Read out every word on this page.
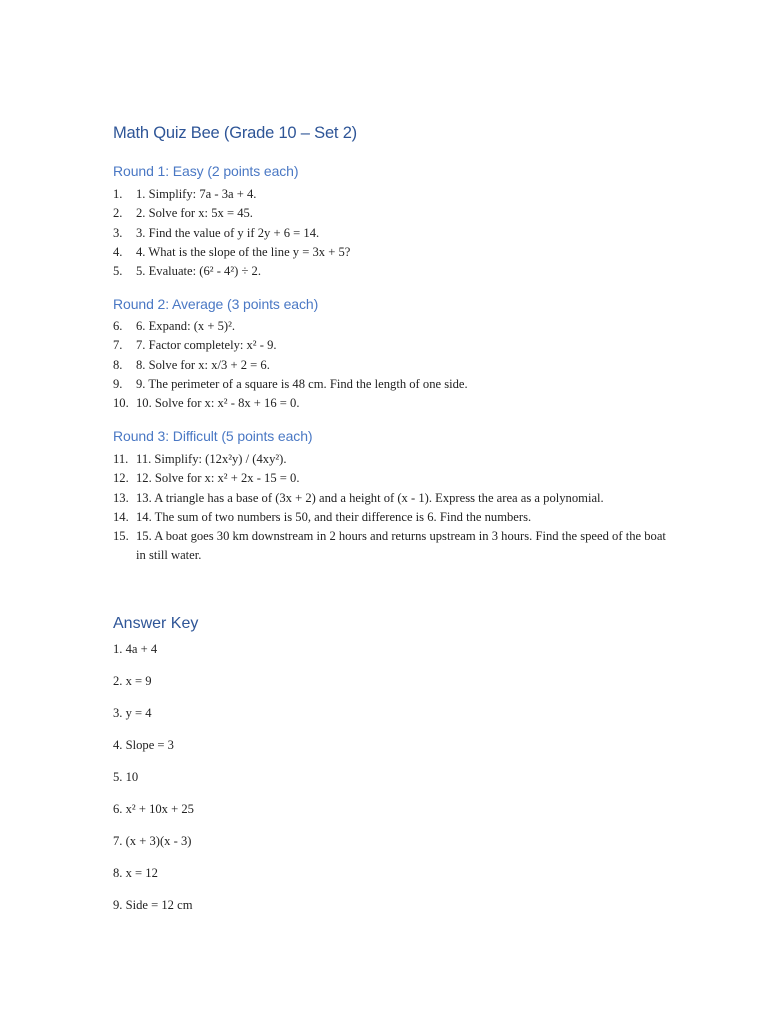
Math Quiz Bee (Grade 10 – Set 2)
Round 1: Easy (2 points each)
1. 1. Simplify: 7a - 3a + 4.
2. 2. Solve for x: 5x = 45.
3. 3. Find the value of y if 2y + 6 = 14.
4. 4. What is the slope of the line y = 3x + 5?
5. 5. Evaluate: (6² - 4²) ÷ 2.
Round 2: Average (3 points each)
6. 6. Expand: (x + 5)².
7. 7. Factor completely: x² - 9.
8. 8. Solve for x: x/3 + 2 = 6.
9. 9. The perimeter of a square is 48 cm. Find the length of one side.
10. 10. Solve for x: x² - 8x + 16 = 0.
Round 3: Difficult (5 points each)
11. 11. Simplify: (12x²y) / (4xy²).
12. 12. Solve for x: x² + 2x - 15 = 0.
13. 13. A triangle has a base of (3x + 2) and a height of (x - 1). Express the area as a polynomial.
14. 14. The sum of two numbers is 50, and their difference is 6. Find the numbers.
15. 15. A boat goes 30 km downstream in 2 hours and returns upstream in 3 hours. Find the speed of the boat in still water.
Answer Key
1. 4a + 4
2. x = 9
3. y = 4
4. Slope = 3
5. 10
6. x² + 10x + 25
7. (x + 3)(x - 3)
8. x = 12
9. Side = 12 cm
